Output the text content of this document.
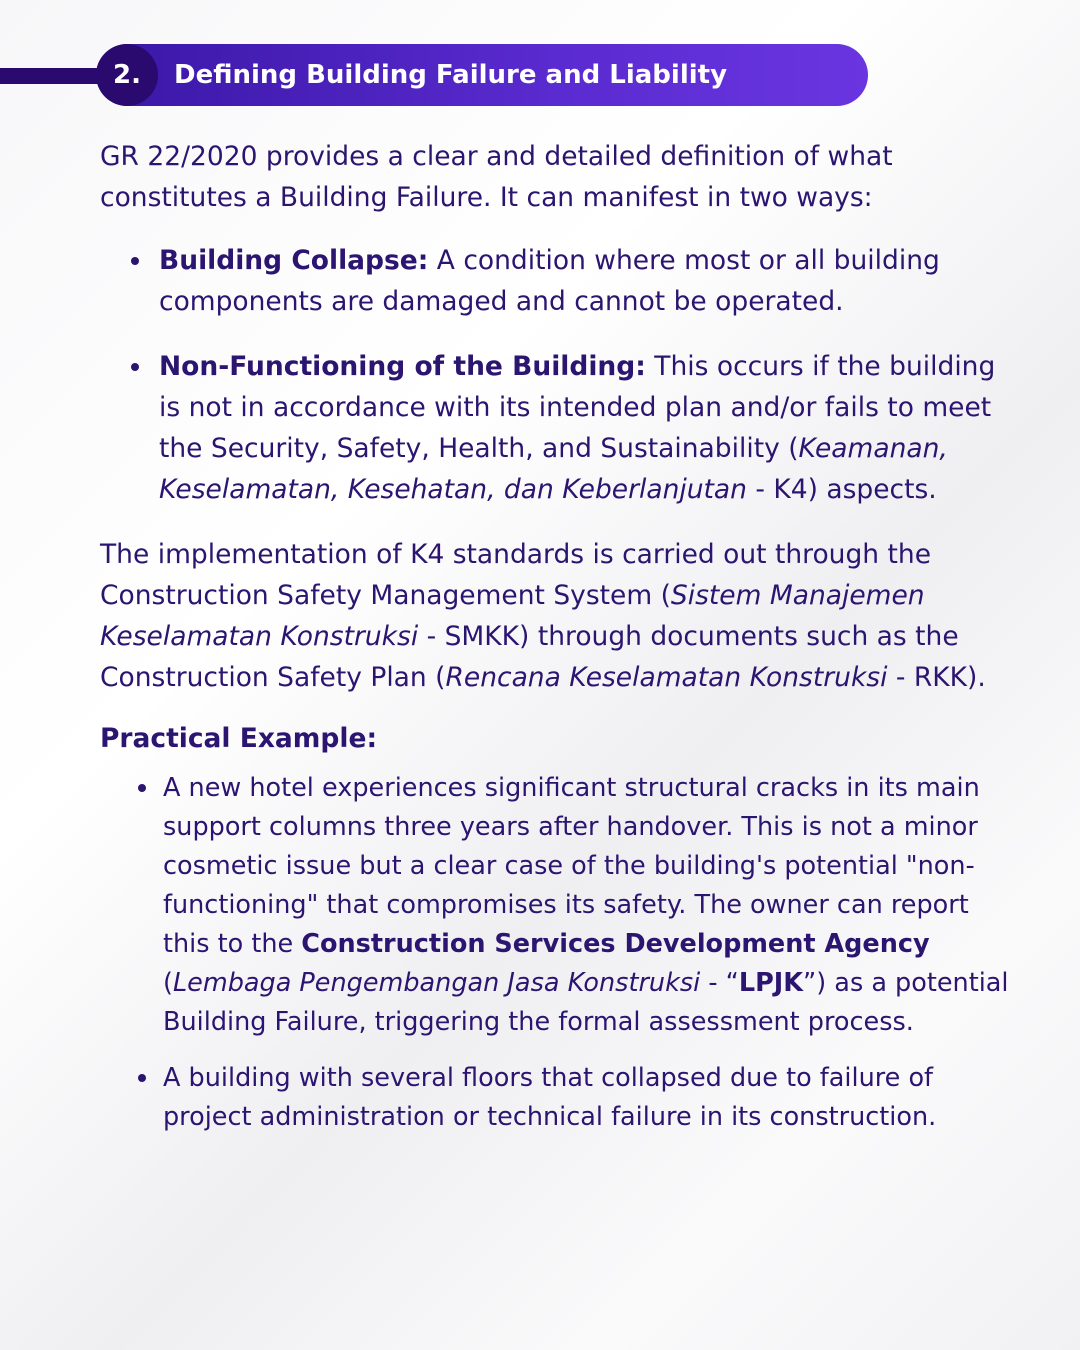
2.	Defining Building Failure and Liability

GR 22/2020 provides a clear and detailed definition of what constitutes a Building Failure. It can manifest in two ways:

Building Collapse: A condition where most or all building components are damaged and cannot be operated.
Non-Functioning of the Building: This occurs if the building is not in accordance with its intended plan and/or fails to meet the Security, Safety, Health, and Sustainability (Keamanan, Keselamatan, Kesehatan, dan Keberlanjutan - K4) aspects.

The implementation of K4 standards is carried out through the Construction Safety Management System (Sistem Manajemen Keselamatan Konstruksi - SMKK) through documents such as the Construction Safety Plan (Rencana Keselamatan Konstruksi - RKK).

Practical Example:

A new hotel experiences significant structural cracks in its main support columns three years after handover. This is not a minor cosmetic issue but a clear case of the building's potential "non-functioning" that compromises its safety. The owner can report this to the Construction Services Development Agency (Lembaga Pengembangan Jasa Konstruksi - “LPJK”) as a potential Building Failure, triggering the formal assessment process.
A building with several floors that collapsed due to failure of project administration or technical failure in its construction.
